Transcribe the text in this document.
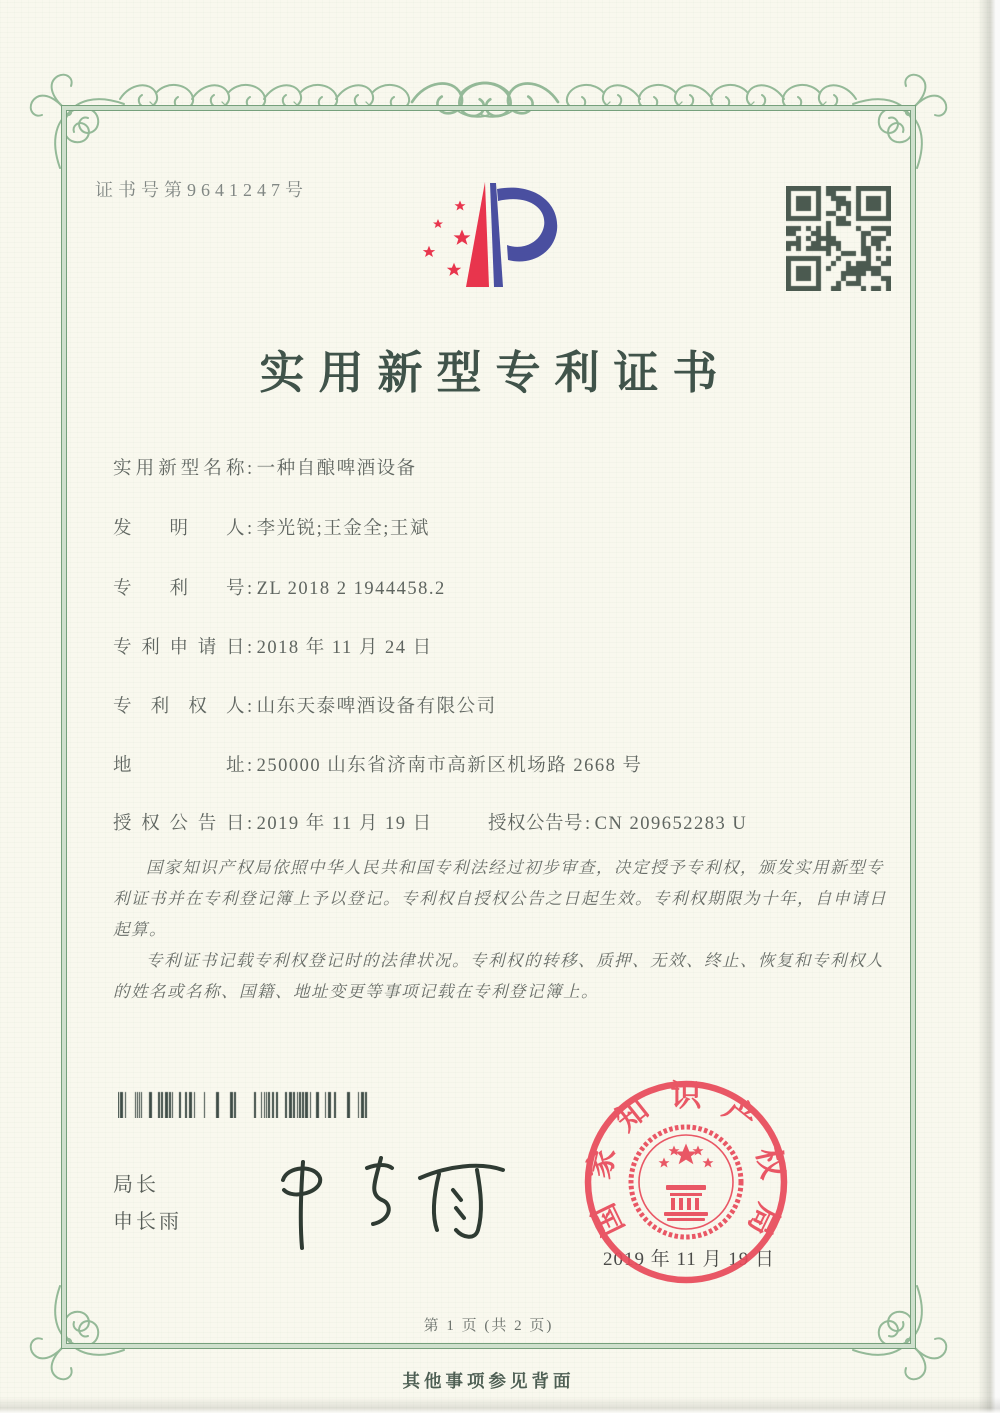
证书号第9641247号
实用新型专利证书
实用新型名称 : 一种自酿啤酒设备
发明人 : 李光锐;王金全;王斌
专利号 : ZL 2018 2 1944458.2
专利申请日 : 2018 年 11 月 24 日
专利权人 : 山东天泰啤酒设备有限公司
地址 : 250000 山东省济南市高新区机场路 2668 号
授权公告日 : 2019 年 11 月 19 日	授权公告号 : CN 209652283 U

国家知识产权局依照中华人民共和国专利法经过初步审查，决定授予专利权，颁发实用新型专利证书并在专利登记簿上予以登记。专利权自授权公告之日起生效。专利权期限为十年，自申请日起算。

专利证书记载专利权登记时的法律状况。专利权的转移、质押、无效、终止、恢复和专利权人的姓名或名称、国籍、地址变更等事项记载在专利登记簿上。

局长
申长雨
2019 年 11 月 19 日
国
家
知 识 产
权
局
第 1 页 (共 2 页)
其他事项参见背面
